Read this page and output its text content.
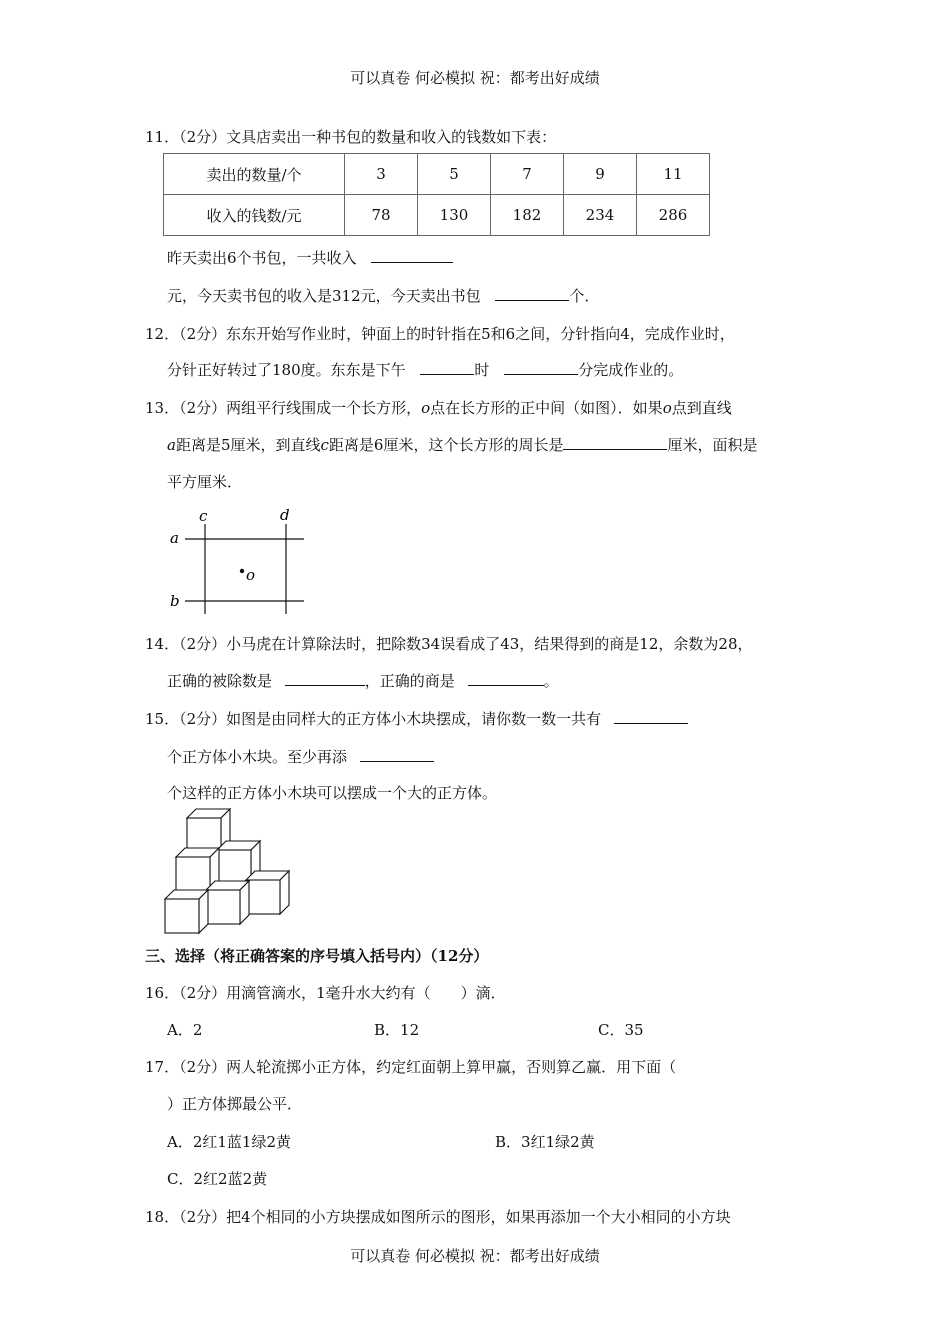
可以真卷 何必模拟 祝：都考出好成绩
11．（2分）文具店卖出一种书包的数量和收入的钱数如下表：
卖出的数量/个	3	5	7	9	11
收入的钱数/元	78	130	182	234	286
昨天卖出6个书包，一共收入
元，今天卖书包的收入是312元，今天卖出书包	个．
12．（2分）东东开始写作业时，钟面上的时针指在5和6之间，分针指向4，完成作业时，
分针正好转过了180度。东东是下午	时	分完成作业的。
13．（2分）两组平行线围成一个长方形，o点在长方形的正中间（如图）．如果o点到直线
a距离是5厘米，到直线c距离是6厘米，这个长方形的周长是	厘米，面积是
平方厘米．
a
b
c	d
o
14．（2分）小马虎在计算除法时，把除数34误看成了43，结果得到的商是12，余数为28，
正确的被除数是	，正确的商是	。
15．（2分）如图是由同样大的正方体小木块摆成，请你数一数一共有
个正方体小木块。至少再添
个这样的正方体小木块可以摆成一个大的正方体。
三、选择（将正确答案的序号填入括号内）（12分）
16．（2分）用滴管滴水，1毫升水大约有（　　）滴．
A．2	B．12	C．35
17．（2分）两人轮流掷小正方体，约定红面朝上算甲赢，否则算乙赢．用下面（
）正方体掷最公平．
A．2红1蓝1绿2黄	B．3红1绿2黄
C．2红2蓝2黄
18．（2分）把4个相同的小方块摆成如图所示的图形，如果再添加一个大小相同的小方块
可以真卷 何必模拟 祝：都考出好成绩
